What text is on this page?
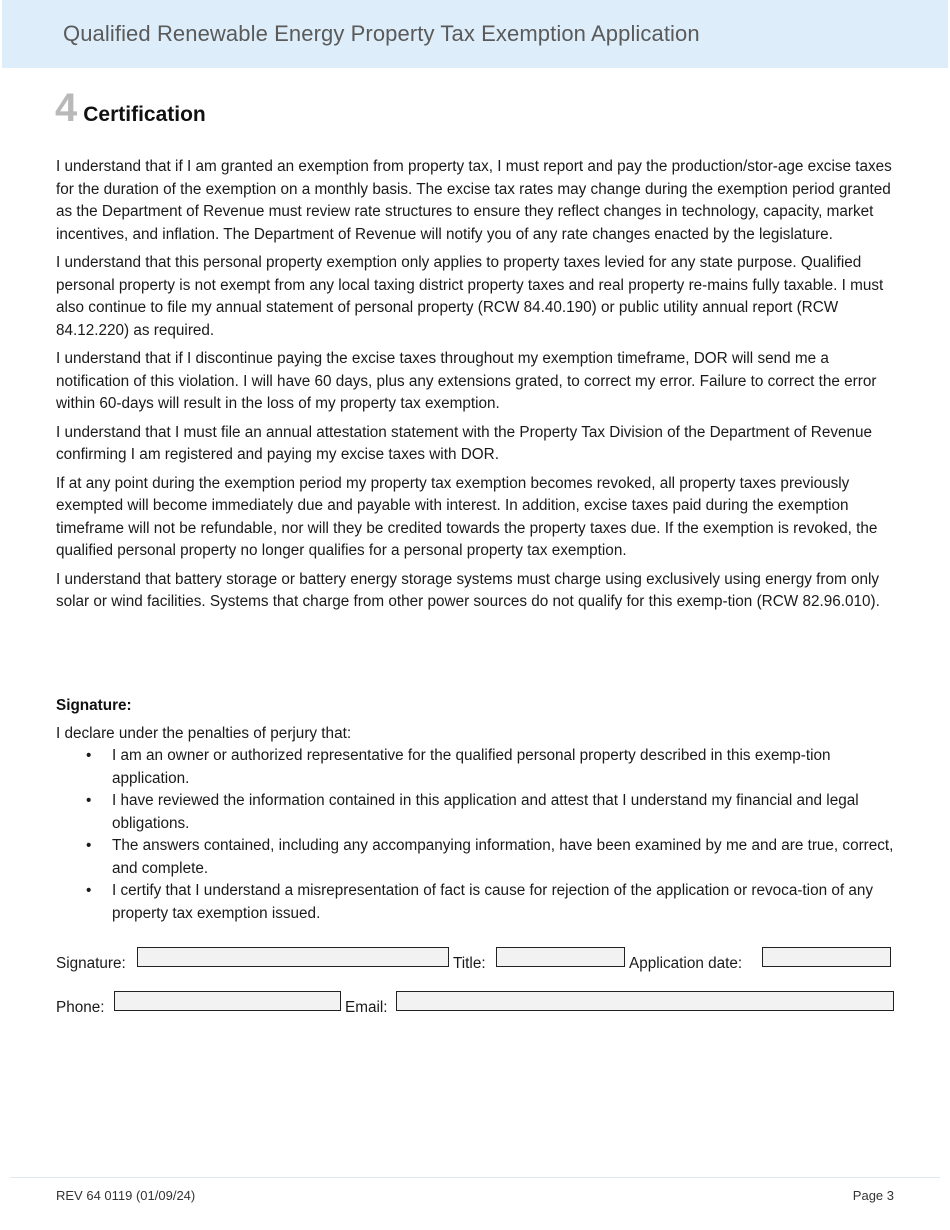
Qualified Renewable Energy Property Tax Exemption Application
4 Certification

I understand that if I am granted an exemption from property tax, I must report and pay the production/stor-age excise taxes for the duration of the exemption on a monthly basis. The excise tax rates may change during the exemption period granted as the Department of Revenue must review rate structures to ensure they reflect changes in technology, capacity, market incentives, and inflation. The Department of Revenue will notify you of any rate changes enacted by the legislature.

I understand that this personal property exemption only applies to property taxes levied for any state purpose. Qualified personal property is not exempt from any local taxing district property taxes and real property re-mains fully taxable. I must also continue to file my annual statement of personal property (RCW 84.40.190) or public utility annual report (RCW 84.12.220) as required.

I understand that if I discontinue paying the excise taxes throughout my exemption timeframe, DOR will send me a notification of this violation. I will have 60 days, plus any extensions grated, to correct my error. Failure to correct the error within 60-days will result in the loss of my property tax exemption.

I understand that I must file an annual attestation statement with the Property Tax Division of the Department of Revenue confirming I am registered and paying my excise taxes with DOR.

If at any point during the exemption period my property tax exemption becomes revoked, all property taxes previously exempted will become immediately due and payable with interest. In addition, excise taxes paid during the exemption timeframe will not be refundable, nor will they be credited towards the property taxes due. If the exemption is revoked, the qualified personal property no longer qualifies for a personal property tax exemption.

I understand that battery storage or battery energy storage systems must charge using exclusively using energy from only solar or wind facilities. Systems that charge from other power sources do not qualify for this exemp-tion (RCW 82.96.010).

Signature:
I declare under the penalties of perjury that:
• I am an owner or authorized representative for the qualified personal property described in this exemp-tion application.
• I have reviewed the information contained in this application and attest that I understand my financial and legal obligations.
• The answers contained, including any accompanying information, have been examined by me and are true, correct, and complete.
• I certify that I understand a misrepresentation of fact is cause for rejection of the application or revoca-tion of any property tax exemption issued.
Signature:	Title:	Application date:
Phone:	Email:
REV 64 0119 (01/09/24)	Page 3
